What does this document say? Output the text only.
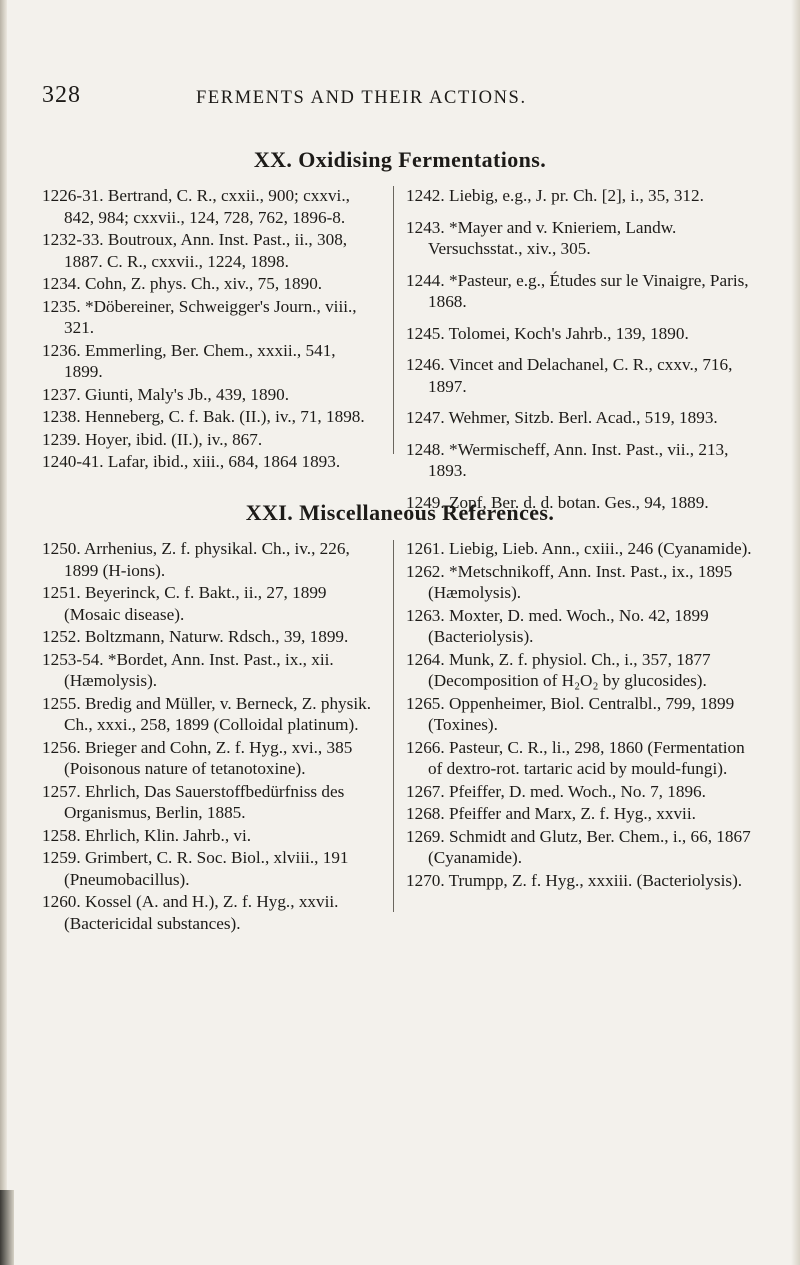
328	FERMENTS AND THEIR ACTIONS.
XX. Oxidising Fermentations.

1226-31. Bertrand, C. R., cxxii., 900; cxxvi., 842, 984; cxxvii., 124, 728, 762, 1896-8.

1232-33. Boutroux, Ann. Inst. Past., ii., 308, 1887. C. R., cxxvii., 1224, 1898.

1234. Cohn, Z. phys. Ch., xiv., 75, 1890.

1235. *Döbereiner, Schweigger's Journ., viii., 321.

1236. Emmerling, Ber. Chem., xxxii., 541, 1899.

1237. Giunti, Maly's Jb., 439, 1890.

1238. Henneberg, C. f. Bak. (II.), iv., 71, 1898.

1239. Hoyer, ibid. (II.), iv., 867.

1240-41. Lafar, ibid., xiii., 684, 1864 1893.

1242. Liebig, e.g., J. pr. Ch. [2], i., 35, 312.

1243. *Mayer and v. Knieriem, Landw. Versuchsstat., xiv., 305.

1244. *Pasteur, e.g., Études sur le Vinaigre, Paris, 1868.

1245. Tolomei, Koch's Jahrb., 139, 1890.

1246. Vincet and Delachanel, C. R., cxxv., 716, 1897.

1247. Wehmer, Sitzb. Berl. Acad., 519, 1893.

1248. *Wermischeff, Ann. Inst. Past., vii., 213, 1893.

1249. Zopf, Ber. d. d. botan. Ges., 94, 1889.

XXI. Miscellaneous References.

1250. Arrhenius, Z. f. physikal. Ch., iv., 226, 1899 (H-ions).

1251. Beyerinck, C. f. Bakt., ii., 27, 1899 (Mosaic disease).

1252. Boltzmann, Naturw. Rdsch., 39, 1899.

1253-54. *Bordet, Ann. Inst. Past., ix., xii. (Hæmolysis).

1255. Bredig and Müller, v. Berneck, Z. physik. Ch., xxxi., 258, 1899 (Colloidal platinum).

1256. Brieger and Cohn, Z. f. Hyg., xvi., 385 (Poisonous nature of tetanotoxine).

1257. Ehrlich, Das Sauerstoffbedürfniss des Organismus, Berlin, 1885.

1258. Ehrlich, Klin. Jahrb., vi.

1259. Grimbert, C. R. Soc. Biol., xlviii., 191 (Pneumobacillus).

1260. Kossel (A. and H.), Z. f. Hyg., xxvii. (Bactericidal substances).

1261. Liebig, Lieb. Ann., cxiii., 246 (Cyanamide).

1262. *Metschnikoff, Ann. Inst. Past., ix., 1895 (Hæmolysis).

1263. Moxter, D. med. Woch., No. 42, 1899 (Bacteriolysis).

1264. Munk, Z. f. physiol. Ch., i., 357, 1877 (Decomposition of H₂O₂ by glucosides).

1265. Oppenheimer, Biol. Centralbl., 799, 1899 (Toxines).

1266. Pasteur, C. R., li., 298, 1860 (Fermentation of dextro-rot. tartaric acid by mould-fungi).

1267. Pfeiffer, D. med. Woch., No. 7, 1896.

1268. Pfeiffer and Marx, Z. f. Hyg., xxvii.

1269. Schmidt and Glutz, Ber. Chem., i., 66, 1867 (Cyanamide).

1270. Trumpp, Z. f. Hyg., xxxiii. (Bacteriolysis).
